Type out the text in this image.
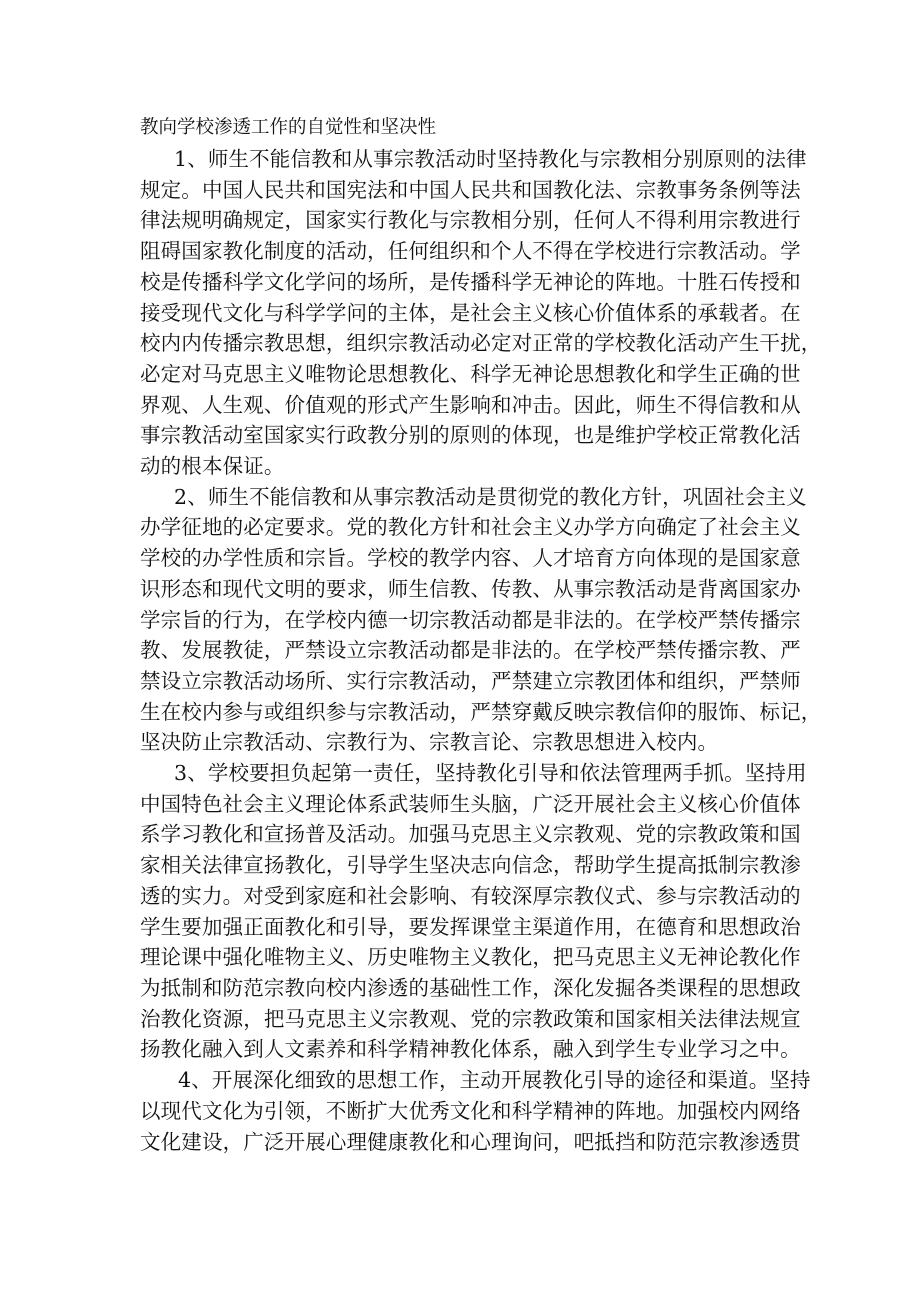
教向学校渗透工作的自觉性和坚决性
1、师生不能信教和从事宗教活动时坚持教化与宗教相分别原则的法律
规定。中国人民共和国宪法和中国人民共和国教化法、宗教事务条例等法
律法规明确规定，国家实行教化与宗教相分别，任何人不得利用宗教进行
阻碍国家教化制度的活动，任何组织和个人不得在学校进行宗教活动。学
校是传播科学文化学问的场所，是传播科学无神论的阵地。十胜石传授和
接受现代文化与科学学问的主体，是社会主义核心价值体系的承载者。在
校内内传播宗教思想，组织宗教活动必定对正常的学校教化活动产生干扰，
必定对马克思主义唯物论思想教化、科学无神论思想教化和学生正确的世
界观、人生观、价值观的形式产生影响和冲击。因此，师生不得信教和从
事宗教活动室国家实行政教分别的原则的体现，也是维护学校正常教化活
动的根本保证。
2、师生不能信教和从事宗教活动是贯彻党的教化方针，巩固社会主义
办学征地的必定要求。党的教化方针和社会主义办学方向确定了社会主义
学校的办学性质和宗旨。学校的教学内容、人才培育方向体现的是国家意
识形态和现代文明的要求，师生信教、传教、从事宗教活动是背离国家办
学宗旨的行为，在学校内德一切宗教活动都是非法的。在学校严禁传播宗
教、发展教徒，严禁设立宗教活动都是非法的。在学校严禁传播宗教、严
禁设立宗教活动场所、实行宗教活动，严禁建立宗教团体和组织，严禁师
生在校内参与或组织参与宗教活动，严禁穿戴反映宗教信仰的服饰、标记，
坚决防止宗教活动、宗教行为、宗教言论、宗教思想进入校内。
3、学校要担负起第一责任，坚持教化引导和依法管理两手抓。坚持用
中国特色社会主义理论体系武装师生头脑，广泛开展社会主义核心价值体
系学习教化和宣扬普及活动。加强马克思主义宗教观、党的宗教政策和国
家相关法律宣扬教化，引导学生坚决志向信念，帮助学生提高抵制宗教渗
透的实力。对受到家庭和社会影响、有较深厚宗教仪式、参与宗教活动的
学生要加强正面教化和引导，要发挥课堂主渠道作用，在德育和思想政治
理论课中强化唯物主义、历史唯物主义教化，把马克思主义无神论教化作
为抵制和防范宗教向校内渗透的基础性工作，深化发掘各类课程的思想政
治教化资源，把马克思主义宗教观、党的宗教政策和国家相关法律法规宣
扬教化融入到人文素养和科学精神教化体系，融入到学生专业学习之中。
4、开展深化细致的思想工作，主动开展教化引导的途径和渠道。坚持
以现代文化为引领，不断扩大优秀文化和科学精神的阵地。加强校内网络
文化建设，广泛开展心理健康教化和心理询问，吧抵挡和防范宗教渗透贯
